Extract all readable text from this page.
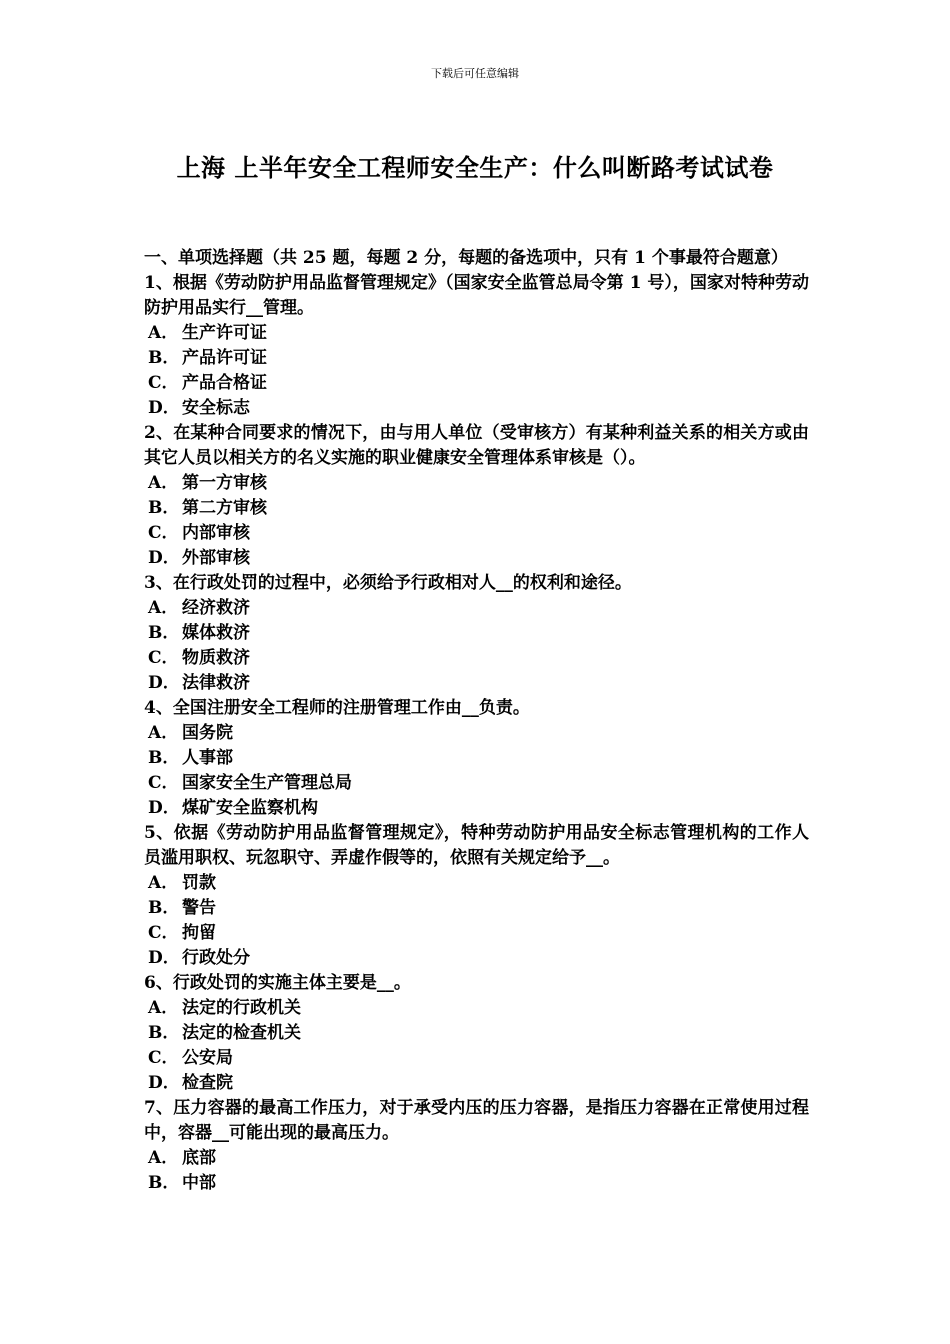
下载后可任意编辑
上海 上半年安全工程师安全生产：什么叫断路考试试卷

一、单项选择题（共 25 题，每题 2 分，每题的备选项中，只有 1 个事最符合题意）

1、根据《劳动防护用品监督管理规定》（国家安全监管总局令第 1 号），国家对特种劳动防护用品实行__管理。

A． 生产许可证

B． 产品许可证

C． 产品合格证

D． 安全标志

2、在某种合同要求的情况下，由与用人单位（受审核方）有某种利益关系的相关方或由其它人员以相关方的名义实施的职业健康安全管理体系审核是（）。

A． 第一方审核

B． 第二方审核

C． 内部审核

D． 外部审核

3、在行政处罚的过程中，必须给予行政相对人__的权利和途径。

A． 经济救济

B． 媒体救济

C． 物质救济

D． 法律救济

4、全国注册安全工程师的注册管理工作由__负责。

A． 国务院

B． 人事部

C． 国家安全生产管理总局

D． 煤矿安全监察机构

5、依据《劳动防护用品监督管理规定》，特种劳动防护用品安全标志管理机构的工作人员滥用职权、玩忽职守、弄虚作假等的，依照有关规定给予__。

A． 罚款

B． 警告

C． 拘留

D． 行政处分

6、行政处罚的实施主体主要是__。

A． 法定的行政机关

B． 法定的检查机关

C． 公安局

D． 检查院

7、压力容器的最高工作压力，对于承受内压的压力容器，是指压力容器在正常使用过程中，容器__可能出现的最高压力。

A． 底部

B． 中部
